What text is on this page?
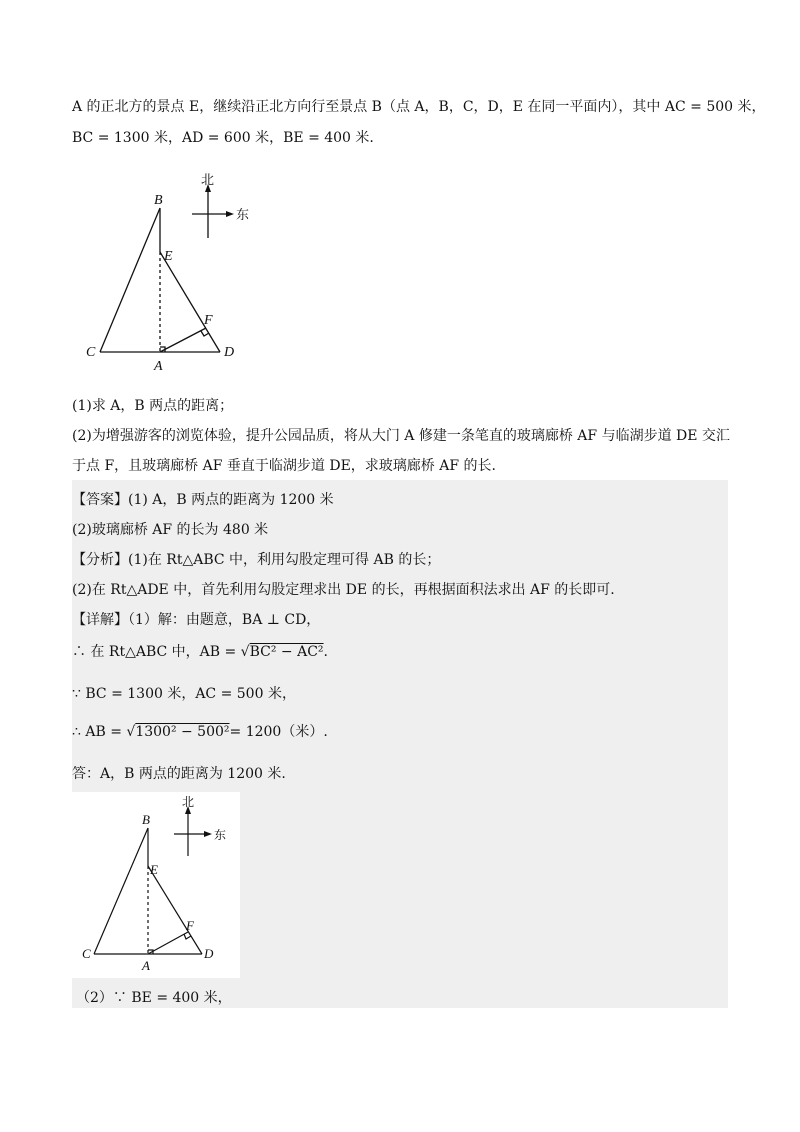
A 的正北方的景点 E，继续沿正北方向行至景点 B（点 A，B，C，D，E 在同一平面内），其中 AC = 500 米，
BC = 1300 米，AD = 600 米，BE = 400 米.
B
E
F
C
A
D
北
东
(1)求 A，B 两点的距离；
(2)为增强游客的浏览体验，提升公园品质，将从大门 A 修建一条笔直的玻璃廊桥 AF 与临湖步道 DE 交汇
于点 F，且玻璃廊桥 AF 垂直于临湖步道 DE，求玻璃廊桥 AF 的长.
【答案】(1) A，B 两点的距离为 1200 米
(2)玻璃廊桥 AF 的长为 480 米
【分析】(1)在 Rt△ABC 中，利用勾股定理可得 AB 的长；
(2)在 Rt△ADE 中，首先利用勾股定理求出 DE 的长，再根据面积法求出 AF 的长即可.
【详解】（1）解：由题意，BA ⊥ CD，
∴ 在 Rt△ABC 中，AB = √BC² − AC².
∵ BC = 1300 米，AC = 500 米，
∴ AB = √1300² − 500²= 1200（米）.
答：A，B 两点的距离为 1200 米.
B
E
F
C
A
D
北
东
（2）∵ BE = 400 米，
